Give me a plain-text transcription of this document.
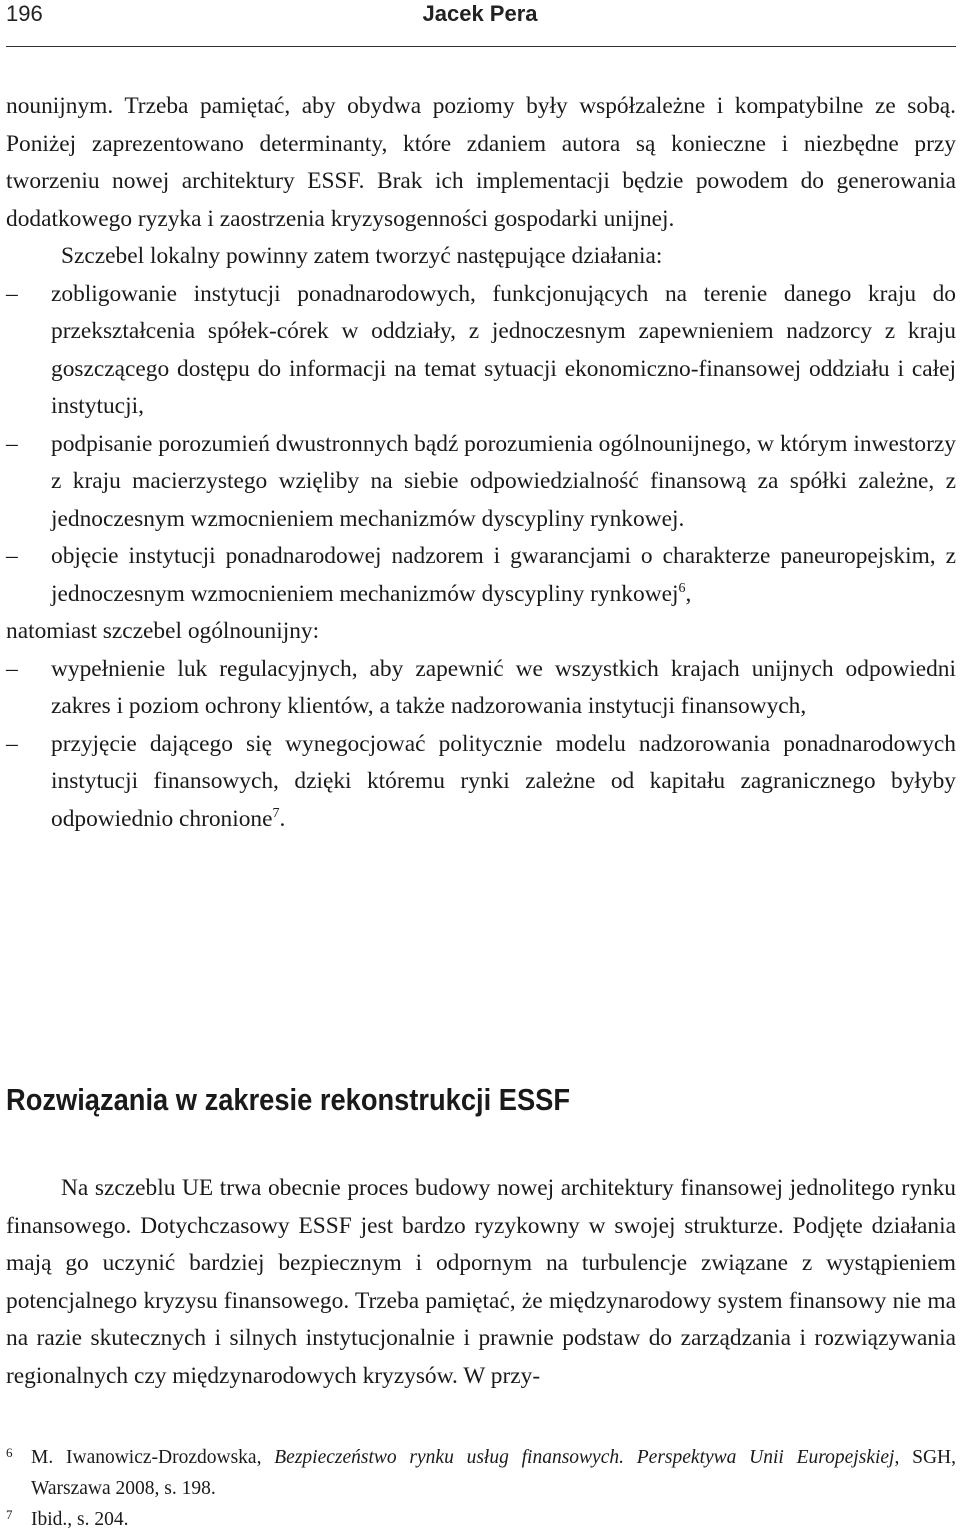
196	Jacek Pera

nounijnym. Trzeba pamiętać, aby obydwa poziomy były współzależne i kompatybilne ze sobą. Poniżej zaprezentowano determinanty, które zdaniem autora są konieczne i niezbędne przy tworzeniu nowej architektury ESSF. Brak ich implementacji będzie powodem do generowania dodatkowego ryzyka i zaostrzenia kryzysogenności gospodarki unijnej.

Szczebel lokalny powinny zatem tworzyć następujące działania:

– zobligowanie instytucji ponadnarodowych, funkcjonujących na terenie danego kraju do przekształcenia spółek-córek w oddziały, z jednoczesnym zapewnieniem nadzorcy z kraju goszczącego dostępu do informacji na temat sytuacji ekonomiczno-finansowej oddziału i całej instytucji,
– podpisanie porozumień dwustronnych bądź porozumienia ogólnounijnego, w którym inwestorzy z kraju macierzystego wzięliby na siebie odpowiedzialność finansową za spółki zależne, z jednoczesnym wzmocnieniem mechanizmów dyscypliny rynkowej.
– objęcie instytucji ponadnarodowej nadzorem i gwarancjami o charakterze paneuropejskim, z jednoczesnym wzmocnieniem mechanizmów dyscypliny rynkowej$^6$,

natomiast szczebel ogólnounijny:

– wypełnienie luk regulacyjnych, aby zapewnić we wszystkich krajach unijnych odpowiedni zakres i poziom ochrony klientów, a także nadzorowania instytucji finansowych,
– przyjęcie dającego się wynegocjować politycznie modelu nadzorowania ponadnarodowych instytucji finansowych, dzięki któremu rynki zależne od kapitału zagranicznego byłyby odpowiednio chronione$^7$.
Rozwiązania w zakresie rekonstrukcji ESSF

Na szczeblu UE trwa obecnie proces budowy nowej architektury finansowej jednolitego rynku finansowego. Dotychczasowy ESSF jest bardzo ryzykowny w swojej strukturze. Podjęte działania mają go uczynić bardziej bezpiecznym i odpornym na turbulencje związane z wystąpieniem potencjalnego kryzysu finansowego. Trzeba pamiętać, że międzynarodowy system finansowy nie ma na razie skutecznych i silnych instytucjonalnie i prawnie podstaw do zarządzania i rozwiązywania regionalnych czy międzynarodowych kryzysów. W przy-

6 M. Iwanowicz-Drozdowska, Bezpieczeństwo rynku usług finansowych. Perspektywa Unii Europejskiej, SGH, Warszawa 2008, s. 198.
7 Ibid., s. 204.
